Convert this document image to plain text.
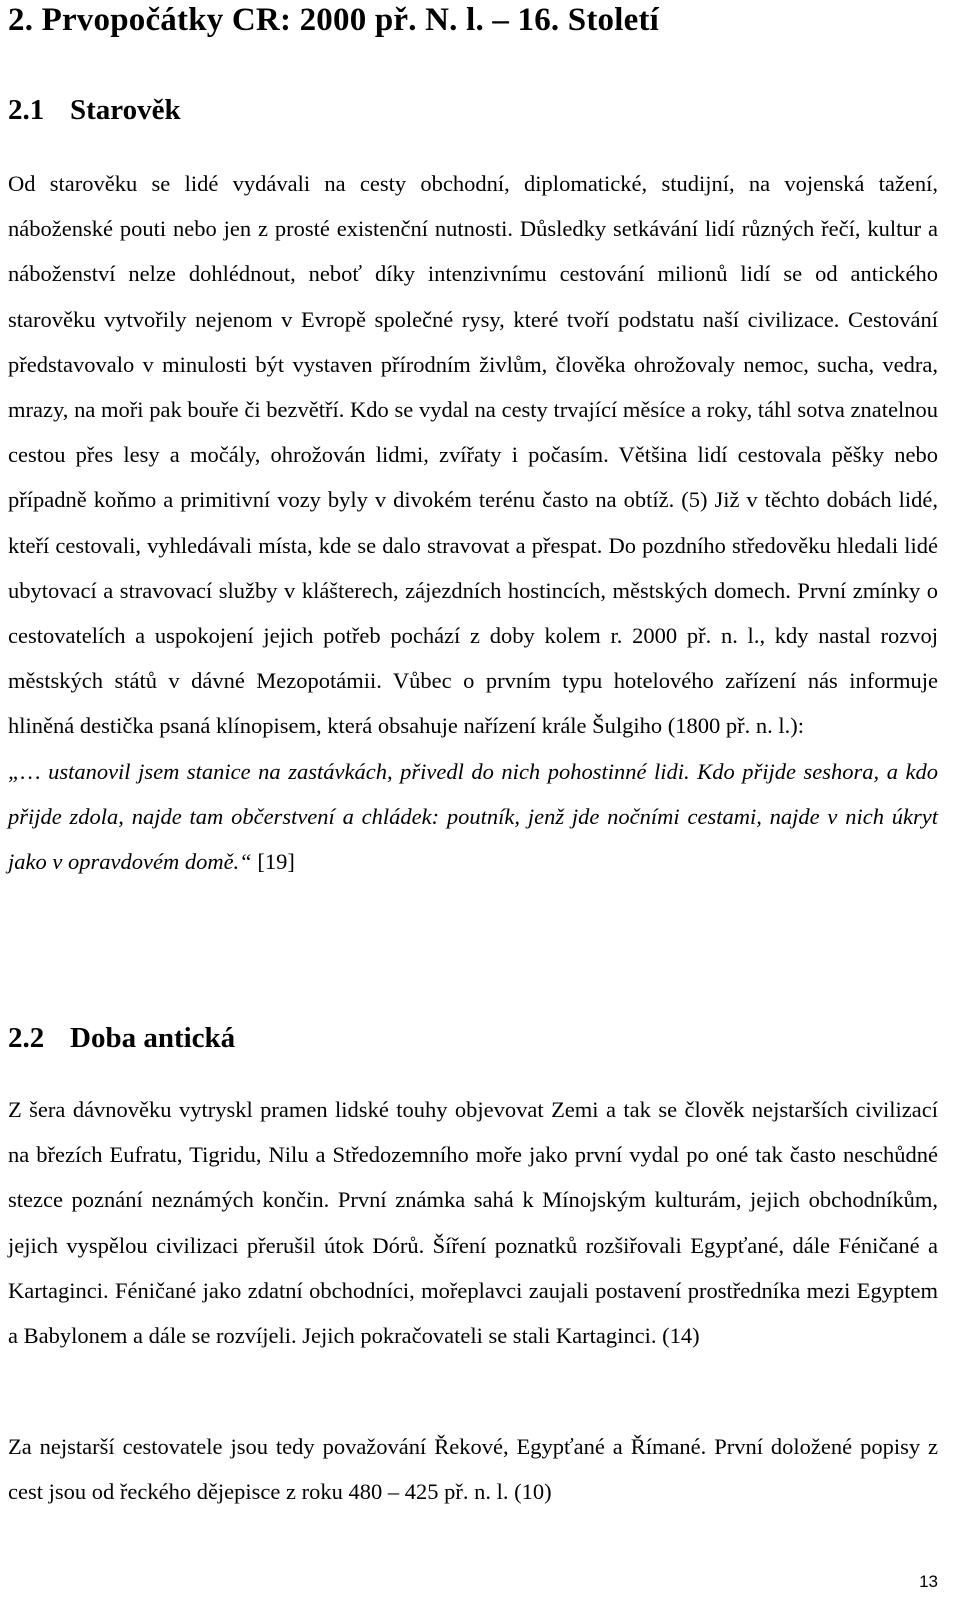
2. Prvopočátky CR: 2000 př. N. l. – 16. Století
2.1 Starověk

Od starověku se lidé vydávali na cesty obchodní, diplomatické, studijní, na vojenská tažení, náboženské pouti nebo jen z prosté existenční nutnosti. Důsledky setkávání lidí různých řečí, kultur a náboženství nelze dohlédnout, neboť díky intenzivnímu cestování milionů lidí se od antického starověku vytvořily nejenom v Evropě společné rysy, které tvoří podstatu naší civilizace. Cestování představovalo v minulosti být vystaven přírodním živlům, člověka ohrožovaly nemoc, sucha, vedra, mrazy, na moři pak bouře či bezvětří. Kdo se vydal na cesty trvající měsíce a roky, táhl sotva znatelnou cestou přes lesy a močály, ohrožován lidmi, zvířaty i počasím. Většina lidí cestovala pěšky nebo případně koňmo a primitivní vozy byly v divokém terénu často na obtíž. (5) Již v těchto dobách lidé, kteří cestovali, vyhledávali místa, kde se dalo stravovat a přespat. Do pozdního středověku hledali lidé ubytovací a stravovací služby v klášterech, zájezdních hostincích, městských domech. První zmínky o cestovatelích a uspokojení jejich potřeb pochází z doby kolem r. 2000 př. n. l., kdy nastal rozvoj městských států v dávné Mezopotámii. Vůbec o prvním typu hotelového zařízení nás informuje hliněná destička psaná klínopisem, která obsahuje nařízení krále Šulgiho (1800 př. n. l.):
„… ustanovil jsem stanice na zastávkách, přivedl do nich pohostinné lidi. Kdo přijde seshora, a kdo přijde zdola, najde tam občerstvení a chládek: poutník, jenž jde nočními cestami, najde v nich úkryt jako v opravdovém domě.“ [19]

2.2 Doba antická

Z šera dávnověku vytryskl pramen lidské touhy objevovat Zemi a tak se člověk nejstarších civilizací na březích Eufratu, Tigridu, Nilu a Středozemního moře jako první vydal po oné tak často neschůdné stezce poznání neznámých končin. První známka sahá k Mínojským kulturám, jejich obchodníkům, jejich vyspělou civilizaci přerušil útok Dórů. Šíření poznatků rozšiřovali Egypťané, dále Féničané a Kartaginci. Féničané jako zdatní obchodníci, mořeplavci zaujali postavení prostředníka mezi Egyptem a Babylonem a dále se rozvíjeli. Jejich pokračovateli se stali Kartaginci. (14)

Za nejstarší cestovatele jsou tedy považování Řekové, Egypťané a Římané. První doložené popisy z cest jsou od řeckého dějepisce z roku 480 – 425 př. n. l. (10)

13
